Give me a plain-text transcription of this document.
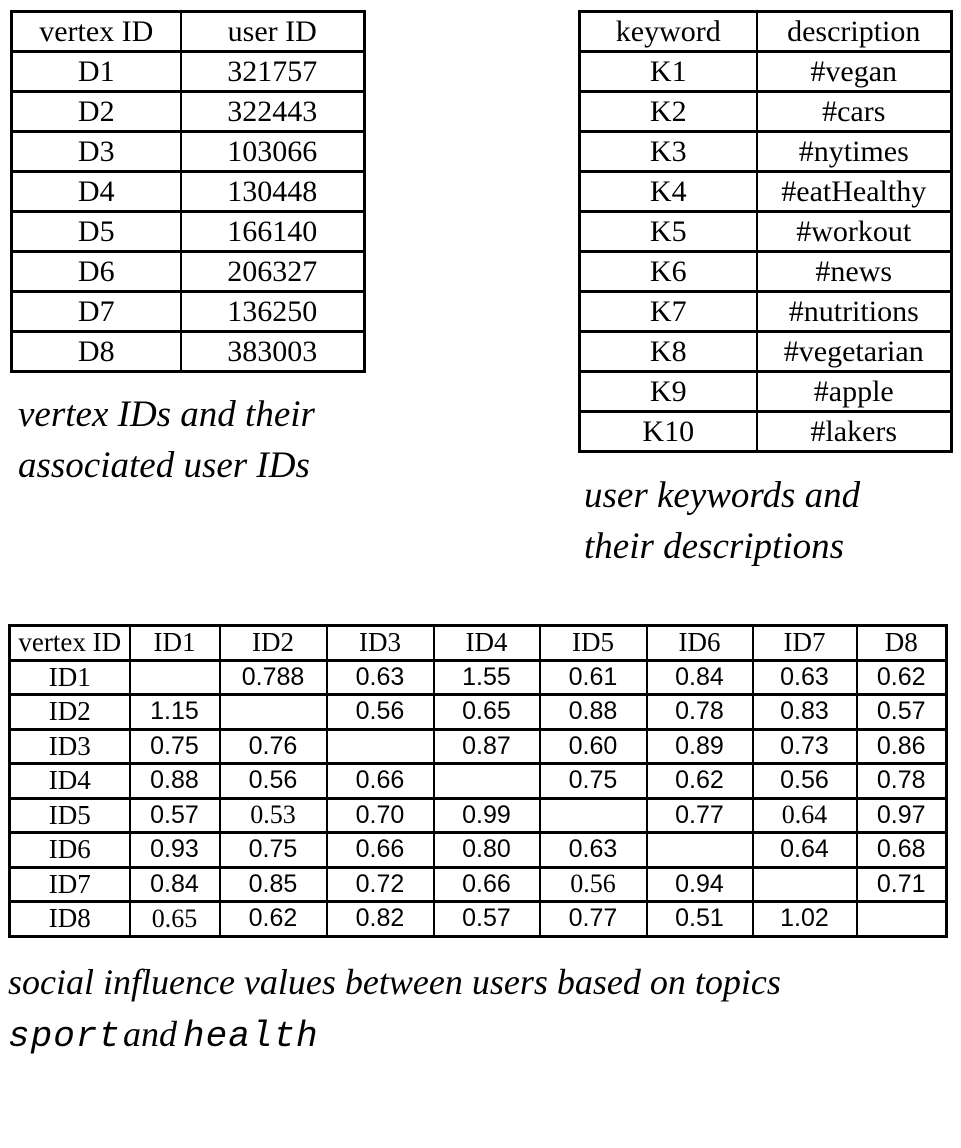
vertex ID	user ID
D1	321757
D2	322443
D3	103066
D4	130448
D5	166140
D6	206327
D7	136250
D8	383003
vertex IDs and their
associated user IDs
keyword	description
K1	#vegan
K2	#cars
K3	#nytimes
K4	#eatHealthy
K5	#workout
K6	#news
K7	#nutritions
K8	#vegetarian
K9	#apple
K10	#lakers
user keywords and
their descriptions
vertex ID	ID1	ID2	ID3	ID4	ID5	ID6	ID7	D8
ID1		0.788	0.63	1.55	0.61	0.84	0.63	0.62
ID2	1.15		0.56	0.65	0.88	0.78	0.83	0.57
ID3	0.75	0.76		0.87	0.60	0.89	0.73	0.86
ID4	0.88	0.56	0.66		0.75	0.62	0.56	0.78
ID5	0.57	0.53	0.70	0.99		0.77	0.64	0.97
ID6	0.93	0.75	0.66	0.80	0.63		0.64	0.68
ID7	0.84	0.85	0.72	0.66	0.56	0.94		0.71
ID8	0.65	0.62	0.82	0.57	0.77	0.51	1.02	
social influence values between users based on topics
sportand health
